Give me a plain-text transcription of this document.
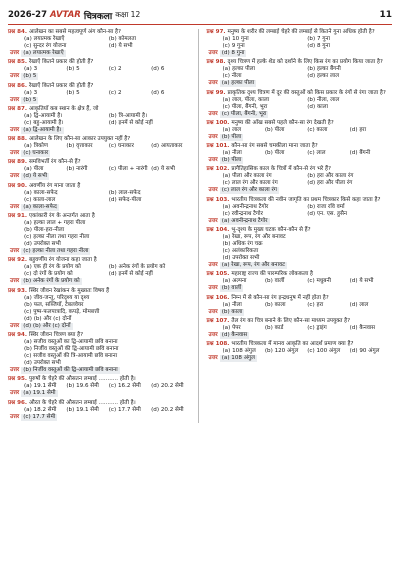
2026-27 AVTAR चित्रकला कक्षा 12	11
प्रश्न 84. आलेखन का सबसे महत्वपूर्ण अंग कौन-सा है?
(a) लयात्मक रेखाएँ	(b) कोमलता
(c) सुन्दर रंग योजना	(d) ये सभी
उत्तर (a) लयात्मक रेखाएँ
प्रश्न 85. रेखाएँ कितने प्रकार की होती हैं?
(a) 3	(b) 5	(c) 2	(d) 6
उत्तर (b) 5
प्रश्न 86. रेखाएँ कितने प्रकार की होती हैं?
(a) 3	(b) 5	(c) 2	(d) 6
उत्तर (b) 5
प्रश्न 87. आकृतियाँ कब स्थान के क्षेत्र हैं, जो
(a) द्वि-आयामी है।	(b) त्रि-आयामी है।
(c) बहु-आयामी है।	(d) इनमें से कोई नहीं
उत्तर (a) द्वि-आयामी है।
प्रश्न 88. आलेखन के लिए कौन-सा आकार उपयुक्त नहीं है?
(a) त्रिकोण	(b) वृत्ताकार	(c) घनाकार	(d) आयताकार
उत्तर (c) घनाकार
प्रश्न 89. समविभर्ती रंग कौन-से हैं?
(a) पीला	(b) नारंगी	(c) पीला + नारंगी (d) ये सभी
उत्तर (d) ये सभी
प्रश्न 90. अवर्णीय रंग माना जाता है
(a) काला-सफेद	(b) लाल-सफेद
(c) काला-लाल	(d) सफेद-पीला
उत्तर (a) काला-सफेद
प्रश्न 91. एकांकारी रंग के अन्तर्गत आता है
(a) हल्का लाल + गहरा पीला
(b) पीला-हरा-नीला
(c) हल्का नीला तथा गहरा नीला
(d) उपरोक्त सभी
उत्तर (c) हल्का नीला तथा गहरा नीला
प्रश्न 92. बहुवर्णीय रंग योजना कहा जाता है
(a) एक ही रंग के प्रयोग को	(b) अनेक रंगों के प्रयोग को
(c) दो रंगों के प्रयोग को	(d) इनमें से कोई नहीं
उत्तर (b) अनेक रंगों के प्रयोग को
प्रश्न 93. स्थिर जीवन रेखांकन के मुख्यतः विषय हैं
(a) जीव-जन्तु, परिदृश्य या दृश्य
(b) फल, सब्जियाँ, टेबलवेयर
(c) पुष्प-फलपात्रादि, कपड़े, मोमबत्ती
(d) (b) और (c) दोनों
उत्तर (d) (b) और (c) दोनों
प्रश्न 94. स्थिर जीवन चित्रण क्या है?
(a) सजीव वस्तुओं का द्वि-आयामी छवि बनाना
(b) निर्जीव वस्तुओं की द्वि-आयामी छवि बनाना
(c) सजीव वस्तुओं की त्रि-आयामी छवि बनाना
(d) उपरोक्त सभी
उत्तर (b) निर्जीव वस्तुओं की द्वि-आयामी छवि बनाना
प्रश्न 95. पुरुषों के चेहरे की औसतन लम्बाई ........... होती है।
(a) 19.1 सेमी	(b) 19.6 सेमी	(c) 16.2 सेमी	(d) 20.2 सेमी
उत्तर (a) 19.1 सेमी
प्रश्न 96. औरत के चेहरे की औसतन लम्बाई ........... होती है।
(a) 18.2 सेमी	(b) 19.1 सेमी	(c) 17.7 सेमी	(d) 20.2 सेमी
उत्तर (c) 17.7 सेमी
प्रश्न 97. मनुष्य के शरीर की लम्बाई चेहरे की लम्बाई से कितने गुना अधिक होती है?
(a) 10 गुना	(b) 7 गुना
(c) 9 गुना	(d) 8 गुना
उत्तर (d) 8 गुना
प्रश्न 98. दृश्य चित्रण में हल्के शेड को दर्शाने के लिए किस रंग का प्रयोग किया जाता है?
(a) हल्का पीला	(b) हल्का बैंगनी
(c) नीला	(d) हल्का लाल
उत्तर (a) हल्का पीला
प्रश्न 99. प्राकृतिक दृश्य चित्रण में दूर की वस्तुओं को किस प्रकार के रंगों से रंगा जाता है?
(a) लाल, पीला, काला	(b) नीला, लाल
(c) पीला, बैंगनी, भूरा	(d) काला
उत्तर (c) पीला, बैंगनी, भूरा
प्रश्न 100. मनुष्य की आँख सबसे पहले कौन-सा रंग देखती है?
(a) लाल	(b) पीला	(c) काला	(d) हरा
उत्तर (b) पीला
प्रश्न 101. कौन-सा रंग सबसे चमकीला माना जाता है?
(a) नीला	(b) पीला	(c) लाल	(d) बैंगनी
उत्तर (b) पीला
प्रश्न 102. प्रागैतिहासिक काल के चित्रों में कौन-से रंग भरे हैं?
(a) पीला और काला रंग	(b) हरा और काला रंग
(c) लाल रंग और काला रंग	(d) हरा और पीला रंग
उत्तर (c) लाल रंग और काला रंग
प्रश्न 103. भारतीय चित्रकला की नवीन जागृति का प्रथम चित्रकार किसे कहा जाता है?
(a) अवनीन्द्रनाथ टैगोर	(b) राजा रवि वर्मा
(c) रवीन्द्रनाथ टैगोर	(d) एन. एस. हुसैन
उत्तर (a) अवनीन्द्रनाथ टैगोर
प्रश्न 104. भू-दृश्य के मुख्य घटक कौन-कौन से हैं?
(a) रेखा, रूप, रंग और बनावट
(b) अधिक रंग चक्र
(c) अलंकारिकता
(d) उपरोक्त सभी
उत्तर (a) रेखा, रूप, रंग और बनावट
प्रश्न 105. महाराष्ट्र राज्य की पारम्परिक लोककला है
(a) अल्पना	(b) वार्ली	(c) मधुबनी	(d) ये सभी
उत्तर (b) वार्ली
प्रश्न 106. निम्न में से कौन-सा रंग इन्द्रधनुष में नहीं होता है?
(a) नीला	(b) काला	(c) हरा	(d) लाल
उत्तर (b) काला
प्रश्न 107. तैल रंग का चित्र बनाने के लिए कौन-सा माध्यम उपयुक्त है?
(a) पेपर	(b) कार्ड	(c) ड्राइंग	(d) कैनवास
उत्तर (d) कैनवास
प्रश्न 108. भारतीय चित्रकला में मानव आकृति का आदर्श प्रमाण क्या है?
(a) 108 अंगुल	(b) 120 अंगुल	(c) 100 अंगुल	(d) 90 अंगुल
उत्तर (a) 108 अंगुल
